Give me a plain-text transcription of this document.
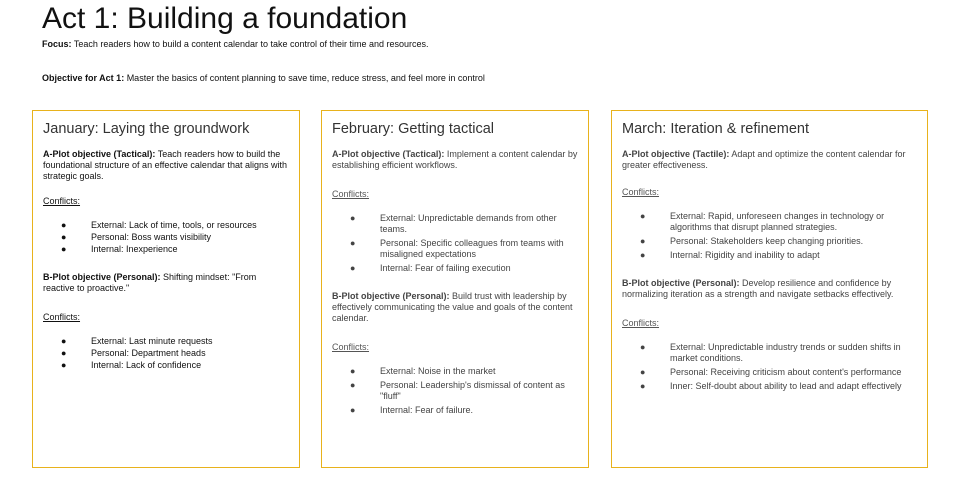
Act 1: Building a foundation
Focus: Teach readers how to build a content calendar to take control of their time and resources.
Objective for Act 1: Master the basics of content planning to save time, reduce stress, and feel more in control
January: Laying the groundwork

A-Plot objective (Tactical): Teach readers how to build the foundational structure of an effective calendar that aligns with strategic goals.

Conflicts:
●	External: Lack of time, tools, or resources
●	Personal: Boss wants visibility
●	Internal: Inexperience

B-Plot objective (Personal): Shifting mindset: "From reactive to proactive."

Conflicts:
●	External: Last minute requests
●	Personal: Department heads
●	Internal: Lack of confidence
February: Getting tactical

A-Plot objective (Tactical): Implement a content calendar by establishing efficient workflows.

Conflicts:
●	External: Unpredictable demands from other teams.
●	Personal: Specific colleagues from teams with misaligned expectations
●	Internal: Fear of failing execution

B-Plot objective (Personal): Build trust with leadership by effectively communicating the value and goals of the content calendar.

Conflicts:
●	External: Noise in the market
●	Personal: Leadership's dismissal of content as "fluff"
●	Internal: Fear of failure.
March: Iteration & refinement

A-Plot objective (Tactile): Adapt and optimize the content calendar for greater effectiveness.

Conflicts:
●	External: Rapid, unforeseen changes in technology or algorithms that disrupt planned strategies.
●	Personal: Stakeholders keep changing priorities.
●	Internal: Rigidity and inability to adapt

B-Plot objective (Personal): Develop resilience and confidence by normalizing iteration as a strength and navigate setbacks effectively.

Conflicts:
●	External: Unpredictable industry trends or sudden shifts in market conditions.
●	Personal: Receiving criticism about content's performance
●	Inner: Self-doubt about ability to lead and adapt effectively
